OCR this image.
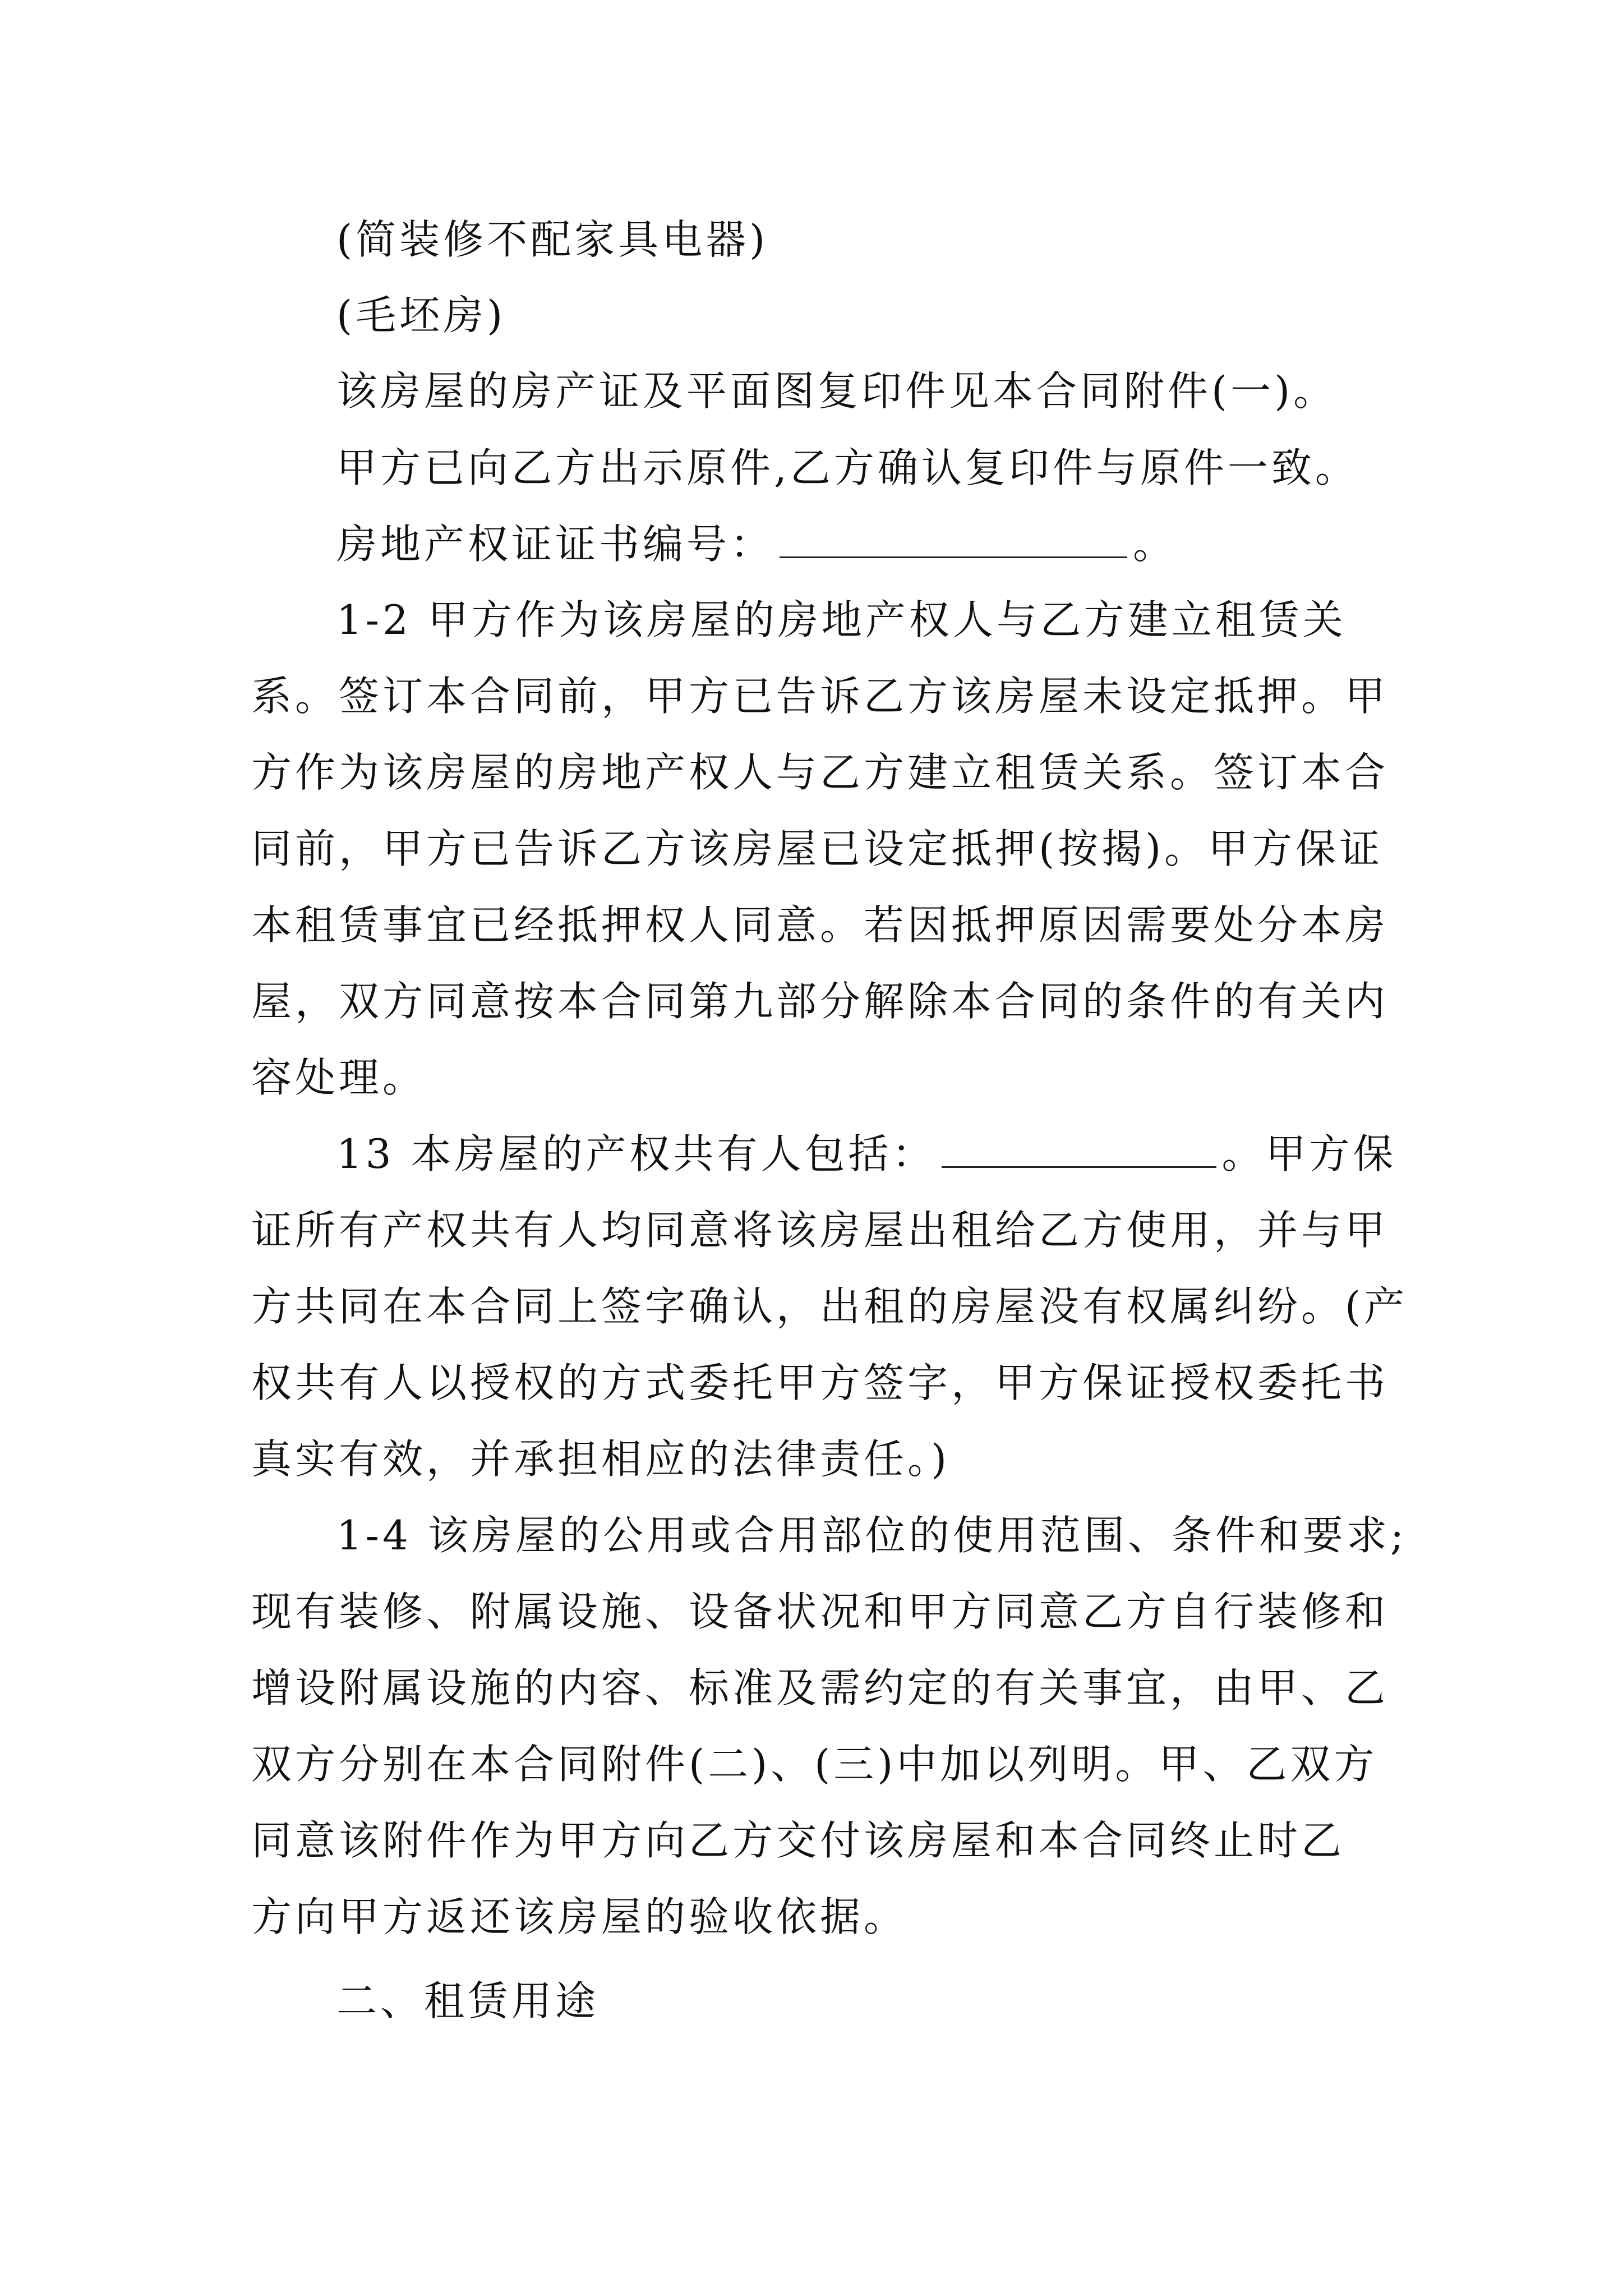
(简装修不配家具电器)
(毛坯房)
该房屋的房产证及平面图复印件见本合同附件(一)。
甲方已向乙方出示原件,乙方确认复印件与原件一致。
房地产权证证书编号：	。
1-2 甲方作为该房屋的房地产权人与乙方建立租赁关
系。签订本合同前，甲方已告诉乙方该房屋未设定抵押。甲
方作为该房屋的房地产权人与乙方建立租赁关系。签订本合
同前，甲方已告诉乙方该房屋已设定抵押(按揭)。甲方保证
本租赁事宜已经抵押权人同意。若因抵押原因需要处分本房
屋，双方同意按本合同第九部分解除本合同的条件的有关内
容处理。
13 本房屋的产权共有人包括：	。甲方保
证所有产权共有人均同意将该房屋出租给乙方使用，并与甲
方共同在本合同上签字确认，出租的房屋没有权属纠纷。(产
权共有人以授权的方式委托甲方签字，甲方保证授权委托书
真实有效，并承担相应的法律责任。)
1-4 该房屋的公用或合用部位的使用范围、条件和要求;
现有装修、附属设施、设备状况和甲方同意乙方自行装修和
增设附属设施的内容、标准及需约定的有关事宜，由甲、乙
双方分别在本合同附件(二)、(三)中加以列明。甲、乙双方
同意该附件作为甲方向乙方交付该房屋和本合同终止时乙
方向甲方返还该房屋的验收依据。
二、租赁用途
